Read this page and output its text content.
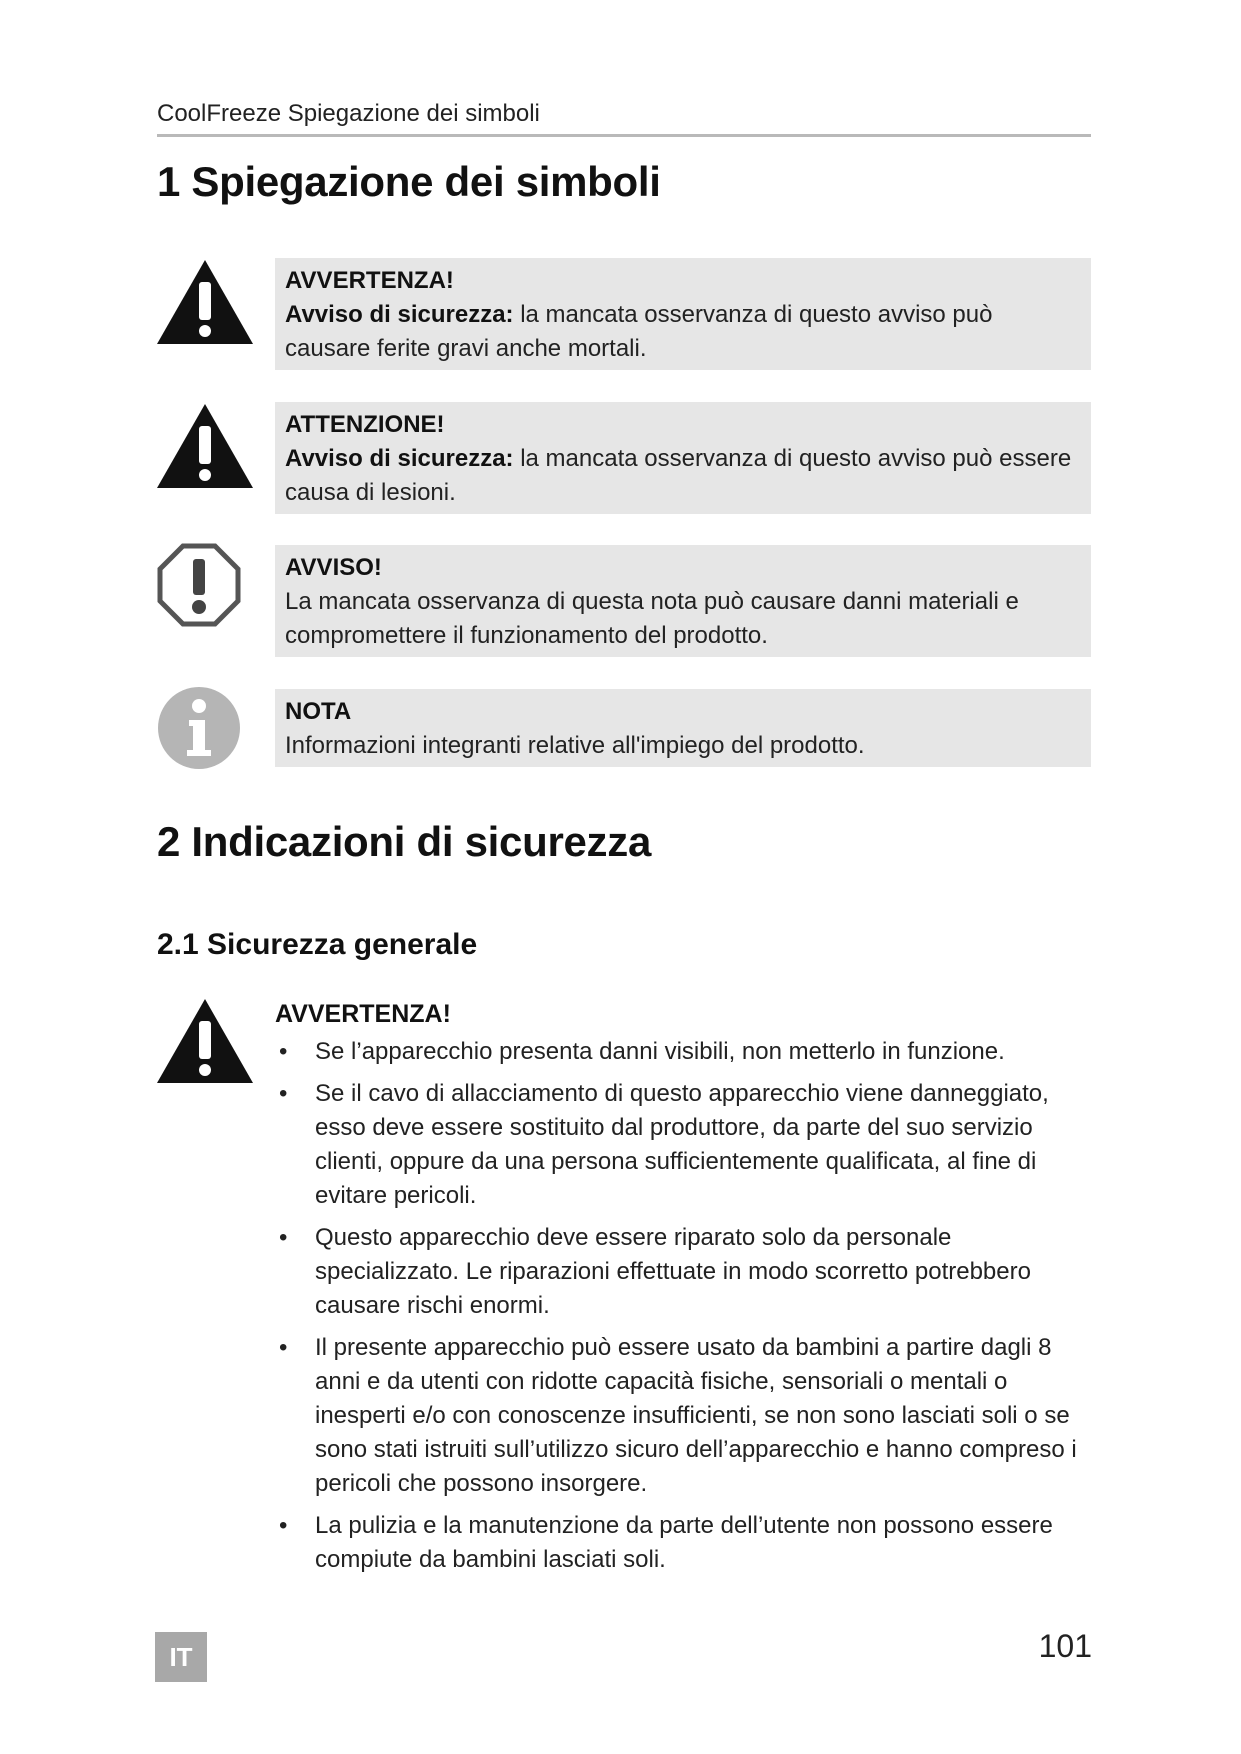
CoolFreeze Spiegazione dei simboli
1 Spiegazione dei simboli
AVVERTENZA!
Avviso di sicurezza: la mancata osservanza di questo avviso può causare ferite gravi anche mortali.
ATTENZIONE!
Avviso di sicurezza: la mancata osservanza di questo avviso può essere causa di lesioni.
AVVISO!
La mancata osservanza di questa nota può causare danni materiali e compromettere il funzionamento del prodotto.
NOTA
Informazioni integranti relative all'impiego del prodotto.
2 Indicazioni di sicurezza
2.1 Sicurezza generale
AVVERTENZA!
• Se l’apparecchio presenta danni visibili, non metterlo in funzione.
• Se il cavo di allacciamento di questo apparecchio viene danneggiato, esso deve essere sostituito dal produttore, da parte del suo servizio clienti, oppure da una persona sufficientemente qualificata, al fine di evitare pericoli.
• Questo apparecchio deve essere riparato solo da personale specializzato. Le riparazioni effettuate in modo scorretto potrebbero causare rischi enormi.
• Il presente apparecchio può essere usato da bambini a partire dagli 8 anni e da utenti con ridotte capacità fisiche, sensoriali o mentali o inesperti e/o con conoscenze insufficienti, se non sono lasciati soli o se sono stati istruiti sull’utilizzo sicuro dell’apparecchio e hanno compreso i pericoli che possono insorgere.
• La pulizia e la manutenzione da parte dell’utente non possono essere compiute da bambini lasciati soli.
IT	101
